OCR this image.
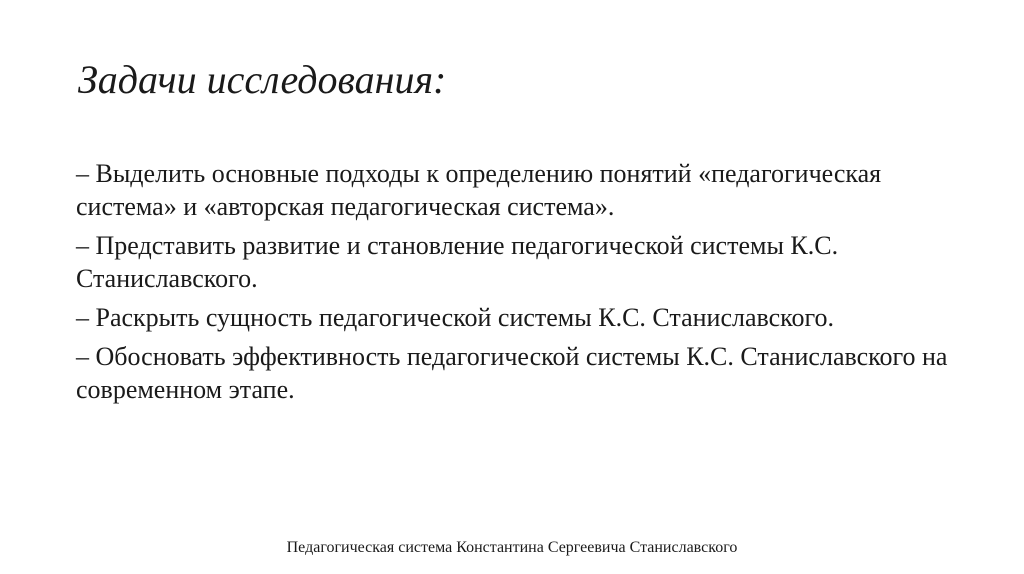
Задачи исследования:
– Выделить основные подходы к определению понятий «педагогическая система» и «авторская педагогическая система».
– Представить развитие и становление педагогической системы К.С. Станиславского.
– Раскрыть сущность педагогической системы К.С. Станиславского.
– Обосновать эффективность педагогической системы К.С. Станиславского на современном этапе.
Педагогическая система Константина Сергеевича Станиславского
